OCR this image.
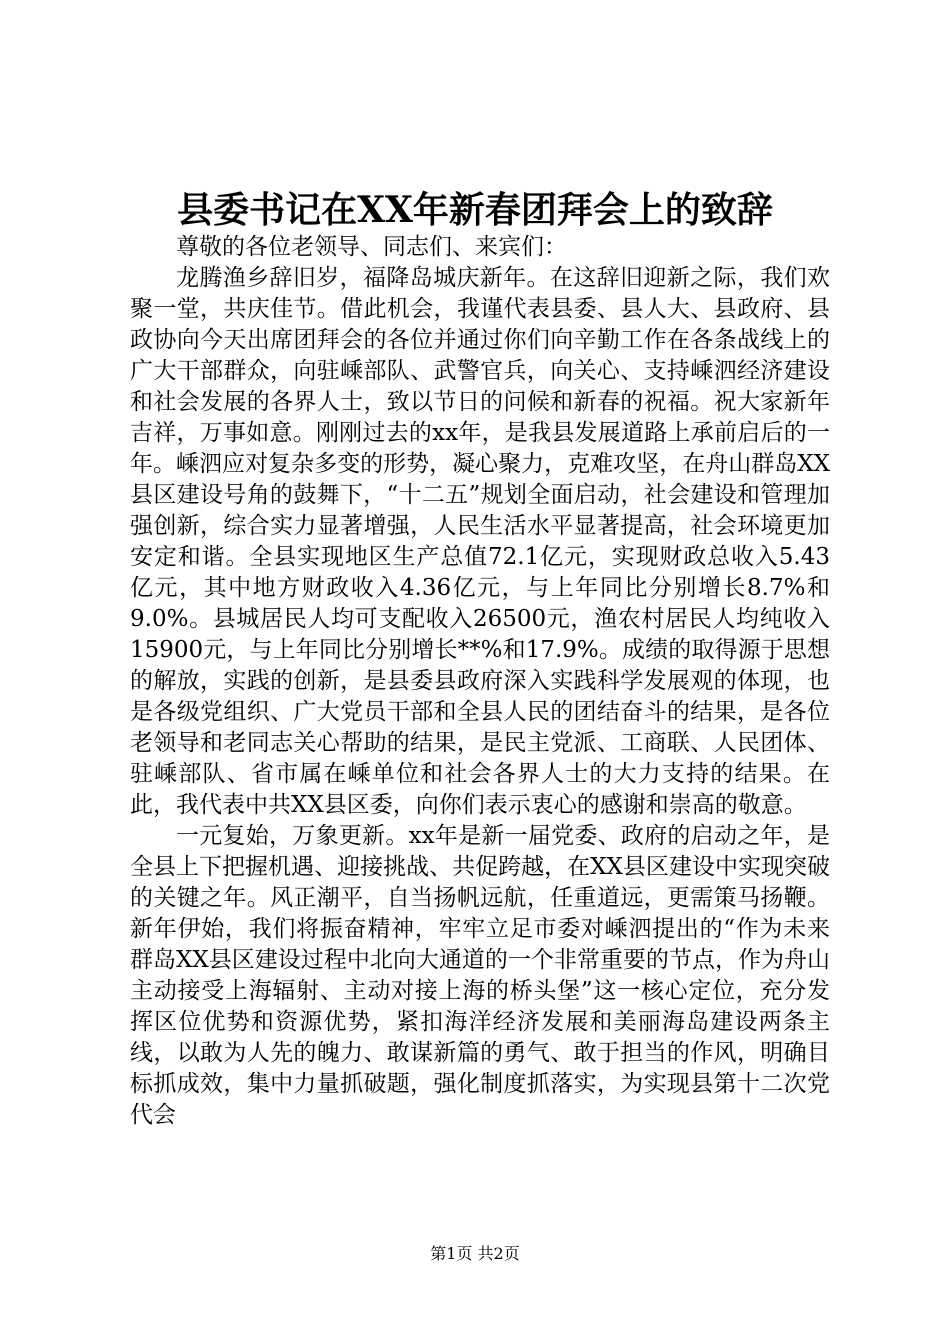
县委书记在XX年新春团拜会上的致辞

尊敬的各位老领导、同志们、来宾们：

龙腾渔乡辞旧岁，福降岛城庆新年。在这辞旧迎新之际，我们欢聚一堂，共庆佳节。借此机会，我谨代表县委、县人大、县政府、县政协向今天出席团拜会的各位并通过你们向辛勤工作在各条战线上的广大干部群众，向驻嵊部队、武警官兵，向关心、支持嵊泗经济建设和社会发展的各界人士，致以节日的问候和新春的祝福。祝大家新年吉祥，万事如意。刚刚过去的xx年，是我县发展道路上承前启后的一年。嵊泗应对复杂多变的形势，凝心聚力，克难攻坚，在舟山群岛XX县区建设号角的鼓舞下，“十二五”规划全面启动，社会建设和管理加强创新，综合实力显著增强，人民生活水平显著提高，社会环境更加安定和谐。全县实现地区生产总值72.1亿元，实现财政总收入5.43亿元，其中地方财政收入4.36亿元，与上年同比分别增长8.7%和9.0%。县城居民人均可支配收入26500元，渔农村居民人均纯收入15900元，与上年同比分别增长**%和17.9%。成绩的取得源于思想的解放，实践的创新，是县委县政府深入实践科学发展观的体现，也是各级党组织、广大党员干部和全县人民的团结奋斗的结果，是各位老领导和老同志关心帮助的结果，是民主党派、工商联、人民团体、驻嵊部队、省市属在嵊单位和社会各界人士的大力支持的结果。在此，我代表中共XX县区委，向你们表示衷心的感谢和崇高的敬意。

一元复始，万象更新。xx年是新一届党委、政府的启动之年，是全县上下把握机遇、迎接挑战、共促跨越，在XX县区建设中实现突破的关键之年。风正潮平，自当扬帆远航，任重道远，更需策马扬鞭。新年伊始，我们将振奋精神，牢牢立足市委对嵊泗提出的“作为未来群岛XX县区建设过程中北向大通道的一个非常重要的节点，作为舟山主动接受上海辐射、主动对接上海的桥头堡”这一核心定位，充分发挥区位优势和资源优势，紧扣海洋经济发展和美丽海岛建设两条主线，以敢为人先的魄力、敢谋新篇的勇气、敢于担当的作风，明确目标抓成效，集中力量抓破题，强化制度抓落实，为实现县第十二次党代会

第1页 共2页
